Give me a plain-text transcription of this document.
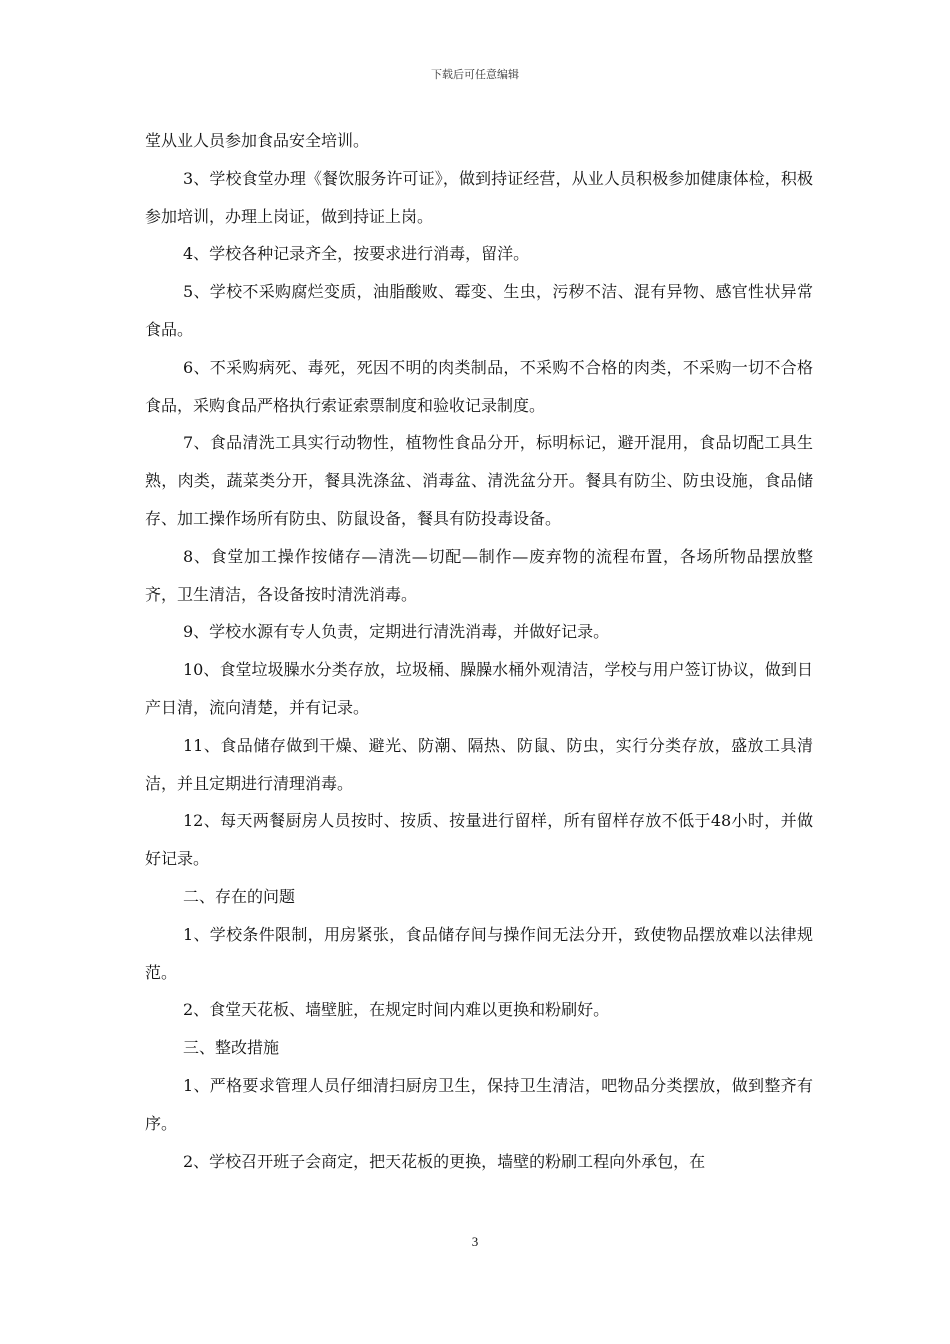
下载后可任意编辑

堂从业人员参加食品安全培训。

3、学校食堂办理《餐饮服务许可证》，做到持证经营，从业人员积极参加健康体检，积极参加培训，办理上岗证，做到持证上岗。

4、学校各种记录齐全，按要求进行消毒，留洋。

5、学校不采购腐烂变质，油脂酸败、霉变、生虫，污秽不洁、混有异物、感官性状异常食品。

6、不采购病死、毒死，死因不明的肉类制品，不采购不合格的肉类，不采购一切不合格食品，采购食品严格执行索证索票制度和验收记录制度。

7、食品清洗工具实行动物性，植物性食品分开，标明标记，避开混用，食品切配工具生熟，肉类，蔬菜类分开，餐具洗涤盆、消毒盆、清洗盆分开。餐具有防尘、防虫设施，食品储存、加工操作场所有防虫、防鼠设备，餐具有防投毒设备。

8、食堂加工操作按储存—清洗—切配—制作—废弃物的流程布置，各场所物品摆放整齐，卫生清洁，各设备按时清洗消毒。

9、学校水源有专人负责，定期进行清洗消毒，并做好记录。

10、食堂垃圾臊水分类存放，垃圾桶、臊臊水桶外观清洁，学校与用户签订协议，做到日产日清，流向清楚，并有记录。

11、食品储存做到干燥、避光、防潮、隔热、防鼠、防虫，实行分类存放，盛放工具清洁，并且定期进行清理消毒。

12、每天两餐厨房人员按时、按质、按量进行留样，所有留样存放不低于48小时，并做好记录。

二、存在的问题

1、学校条件限制，用房紧张，食品储存间与操作间无法分开，致使物品摆放难以法律规范。

2、食堂天花板、墙壁脏，在规定时间内难以更换和粉刷好。

三、整改措施

1、严格要求管理人员仔细清扫厨房卫生，保持卫生清洁，吧物品分类摆放，做到整齐有序。

2、学校召开班子会商定，把天花板的更换，墙壁的粉刷工程向外承包，在

3
